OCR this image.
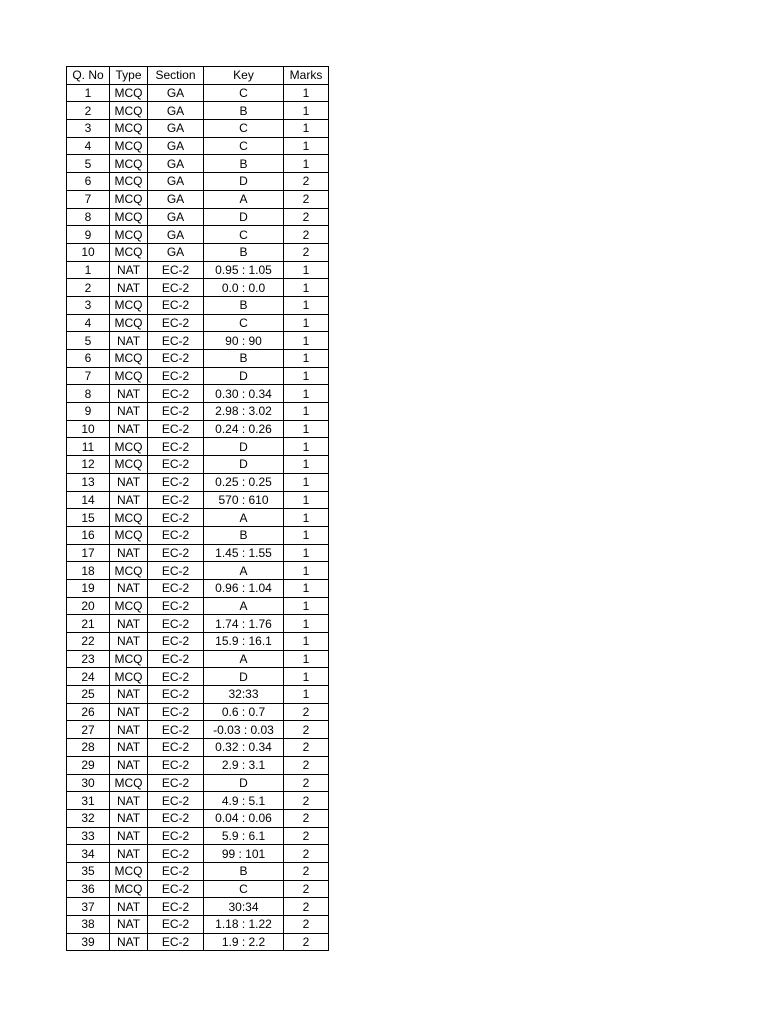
Q. No	Type	Section	Key	Marks
1	MCQ	GA	C	1
2	MCQ	GA	B	1
3	MCQ	GA	C	1
4	MCQ	GA	C	1
5	MCQ	GA	B	1
6	MCQ	GA	D	2
7	MCQ	GA	A	2
8	MCQ	GA	D	2
9	MCQ	GA	C	2
10	MCQ	GA	B	2
1	NAT	EC-2	0.95 : 1.05	1
2	NAT	EC-2	0.0 : 0.0	1
3	MCQ	EC-2	B	1
4	MCQ	EC-2	C	1
5	NAT	EC-2	90 : 90	1
6	MCQ	EC-2	B	1
7	MCQ	EC-2	D	1
8	NAT	EC-2	0.30 : 0.34	1
9	NAT	EC-2	2.98 : 3.02	1
10	NAT	EC-2	0.24 : 0.26	1
11	MCQ	EC-2	D	1
12	MCQ	EC-2	D	1
13	NAT	EC-2	0.25 : 0.25	1
14	NAT	EC-2	570 : 610	1
15	MCQ	EC-2	A	1
16	MCQ	EC-2	B	1
17	NAT	EC-2	1.45 : 1.55	1
18	MCQ	EC-2	A	1
19	NAT	EC-2	0.96 : 1.04	1
20	MCQ	EC-2	A	1
21	NAT	EC-2	1.74 : 1.76	1
22	NAT	EC-2	15.9 : 16.1	1
23	MCQ	EC-2	A	1
24	MCQ	EC-2	D	1
25	NAT	EC-2	32:33	1
26	NAT	EC-2	0.6 : 0.7	2
27	NAT	EC-2	-0.03 : 0.03	2
28	NAT	EC-2	0.32 : 0.34	2
29	NAT	EC-2	2.9 : 3.1	2
30	MCQ	EC-2	D	2
31	NAT	EC-2	4.9 : 5.1	2
32	NAT	EC-2	0.04 : 0.06	2
33	NAT	EC-2	5.9 : 6.1	2
34	NAT	EC-2	99 : 101	2
35	MCQ	EC-2	B	2
36	MCQ	EC-2	C	2
37	NAT	EC-2	30:34	2
38	NAT	EC-2	1.18 : 1.22	2
39	NAT	EC-2	1.9 : 2.2	2
